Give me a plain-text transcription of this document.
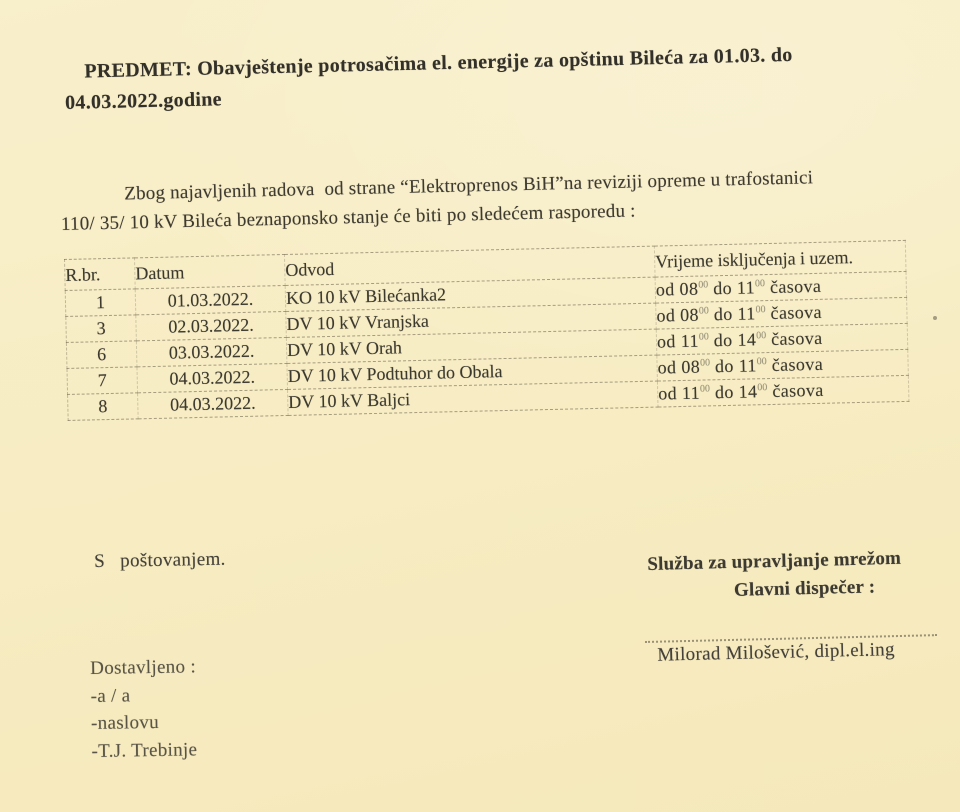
PREDMET: Obavještenje potrosačima el. energije za opštinu Bileća za 01.03. do
04.03.2022.godine
Zbog najavljenih radova  od strane “Elektroprenos BiH”na reviziji opreme u trafostanici
110/ 35/ 10 kV Bileća beznaponsko stanje će biti po sledećem rasporedu :
R.br.	Datum	Odvod	Vrijeme isključenja i uzem.
1	01.03.2022.	KO 10 kV Bilećanka2	od $08^{00}$ do $11^{00}$ časova
3	02.03.2022.	DV 10 kV Vranjska	od $08^{00}$ do $11^{00}$ časova
6	03.03.2022.	DV 10 kV Orah	od $11^{00}$ do $14^{00}$ časova
7	04.03.2022.	DV 10 kV Podtuhor do Obala	od $08^{00}$ do $11^{00}$ časova
8	04.03.2022.	DV 10 kV Baljci	od $11^{00}$ do $14^{00}$ časova
S   poštovanjem.	Služba za upravljanje mrežom
Glavni dispečer :
Milorad Milošević, dipl.el.ing
Dostavljeno :
-a / a
-naslovu
-T.J. Trebinje
